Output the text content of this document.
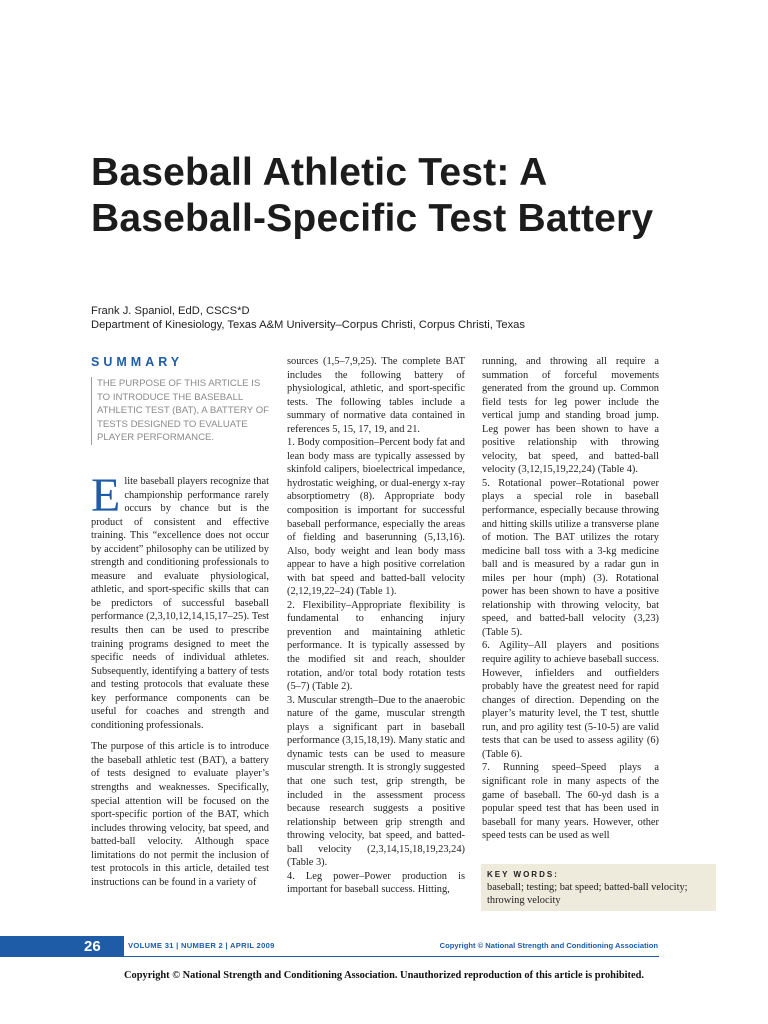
Baseball Athletic Test: A Baseball-Specific Test Battery

Frank J. Spaniol, EdD, CSCS*D

Department of Kinesiology, Texas A&M University–Corpus Christi, Corpus Christi, Texas

SUMMARY

THE PURPOSE OF THIS ARTICLE IS TO INTRODUCE THE BASEBALL ATHLETIC TEST (BAT), A BATTERY OF TESTS DESIGNED TO EVALUATE PLAYER PERFORMANCE.

Elite baseball players recognize that championship performance rarely occurs by chance but is the product of consistent and effective training. This “excellence does not occur by accident” philosophy can be utilized by strength and conditioning professionals to measure and evaluate physiological, athletic, and sport-specific skills that can be predictors of successful baseball performance (2,3,10,12,14,15,17–25). Test results then can be used to prescribe training programs designed to meet the specific needs of individual athletes. Subsequently, identifying a battery of tests and testing protocols that evaluate these key performance components can be useful for coaches and strength and conditioning professionals.

The purpose of this article is to introduce the baseball athletic test (BAT), a battery of tests designed to evaluate player’s strengths and weaknesses. Specifically, special attention will be focused on the sport-specific portion of the BAT, which includes throwing velocity, bat speed, and batted-ball velocity. Although space limitations do not permit the inclusion of test protocols in this article, detailed test instructions can be found in a variety of

sources (1,5–7,9,25). The complete BAT includes the following battery of physiological, athletic, and sport-specific tests. The following tables include a summary of normative data contained in references 5, 15, 17, 19, and 21.

1. Body composition–Percent body fat and lean body mass are typically assessed by skinfold calipers, bioelectrical impedance, hydrostatic weighing, or dual-energy x-ray absorptiometry (8). Appropriate body composition is important for successful baseball performance, especially the areas of fielding and baserunning (5,13,16). Also, body weight and lean body mass appear to have a high positive correlation with bat speed and batted-ball velocity (2,12,19,22–24) (Table 1).

2. Flexibility–Appropriate flexibility is fundamental to enhancing injury prevention and maintaining athletic performance. It is typically assessed by the modified sit and reach, shoulder rotation, and/or total body rotation tests (5–7) (Table 2).

3. Muscular strength–Due to the anaerobic nature of the game, muscular strength plays a significant part in baseball performance (3,15,18,19). Many static and dynamic tests can be used to measure muscular strength. It is strongly suggested that one such test, grip strength, be included in the assessment process because research suggests a positive relationship between grip strength and throwing velocity, bat speed, and batted-ball velocity (2,3,14,15,18,19,23,24) (Table 3).

4. Leg power–Power production is important for baseball success. Hitting,

running, and throwing all require a summation of forceful movements generated from the ground up. Common field tests for leg power include the vertical jump and standing broad jump. Leg power has been shown to have a positive relationship with throwing velocity, bat speed, and batted-ball velocity (3,12,15,19,22,24) (Table 4).

5. Rotational power–Rotational power plays a special role in baseball performance, especially because throwing and hitting skills utilize a transverse plane of motion. The BAT utilizes the rotary medicine ball toss with a 3-kg medicine ball and is measured by a radar gun in miles per hour (mph) (3). Rotational power has been shown to have a positive relationship with throwing velocity, bat speed, and batted-ball velocity (3,23) (Table 5).

6. Agility–All players and positions require agility to achieve baseball success. However, infielders and outfielders probably have the greatest need for rapid changes of direction. Depending on the player’s maturity level, the T test, shuttle run, and pro agility test (5-10-5) are valid tests that can be used to assess agility (6) (Table 6).

7. Running speed–Speed plays a significant role in many aspects of the game of baseball. The 60-yd dash is a popular speed test that has been used in baseball for many years. However, other speed tests can be used as well

KEY WORDS:

baseball; testing; bat speed; batted-ball velocity; throwing velocity

26	VOLUME 31 | NUMBER 2 | APRIL 2009	Copyright © National Strength and Conditioning Association
Copyright © National Strength and Conditioning Association. Unauthorized reproduction of this article is prohibited.
